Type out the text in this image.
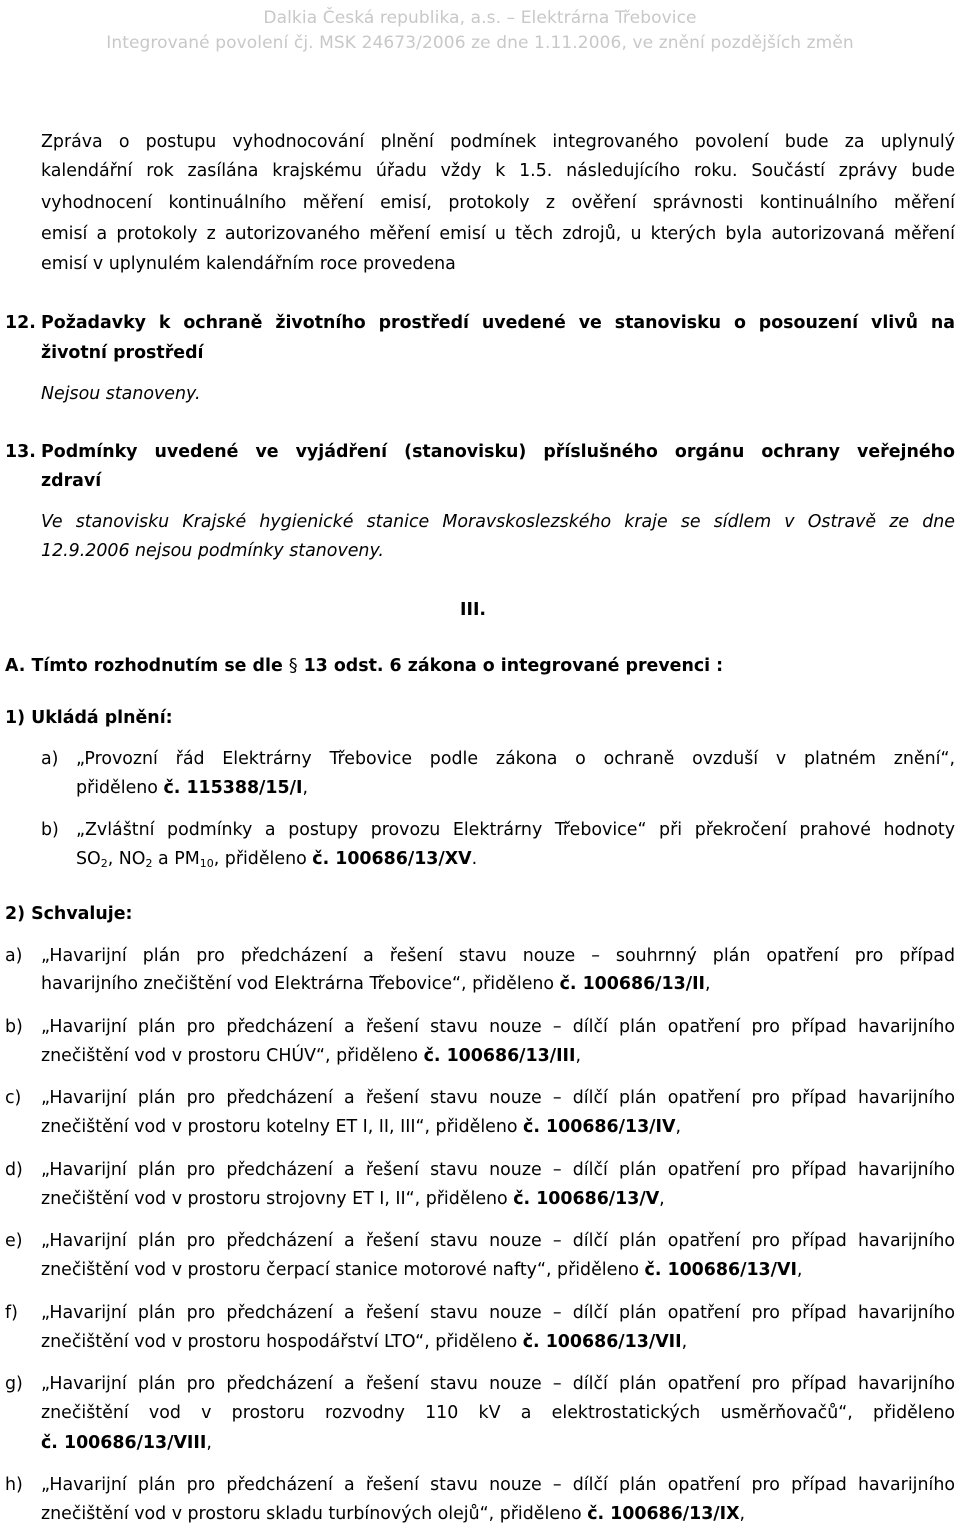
Dalkia Česká republika, a.s. – Elektrárna Třebovice
Integrované povolení čj. MSK 24673/2006 ze dne 1.11.2006, ve znění pozdějších změn
Zpráva o postupu vyhodnocování plnění podmínek integrovaného povolení bude za uplynulý
kalendářní rok zasílána krajskému úřadu vždy k 1.5. následujícího roku. Součástí zprávy bude
vyhodnocení kontinuálního měření emisí, protokoly z ověření správnosti kontinuálního měření
emisí a protokoly z autorizovaného měření emisí u těch zdrojů, u kterých byla autorizovaná měření
emisí v uplynulém kalendářním roce provedena
12. Požadavky k ochraně životního prostředí uvedené ve stanovisku o posouzení vlivů na
životní prostředí
Nejsou stanoveny.
13. Podmínky uvedené ve vyjádření (stanovisku) příslušného orgánu ochrany veřejného
zdraví
Ve stanovisku Krajské hygienické stanice Moravskoslezského kraje se sídlem v Ostravě ze dne
12.9.2006 nejsou podmínky stanoveny.
III.
A. Tímto rozhodnutím se dle § 13 odst. 6 zákona o integrované prevenci :
1) Ukládá plnění:
a) „Provozní řád Elektrárny Třebovice podle zákona o ochraně ovzduší v platném znění“,
přiděleno č. 115388/15/I,
b) „Zvláštní podmínky a postupy provozu Elektrárny Třebovice“ při překročení prahové hodnoty
$SO_2$, $NO_2$ a $PM_{10}$, přiděleno č. 100686/13/XV.
2) Schvaluje:
a) „Havarijní plán pro předcházení a řešení stavu nouze – souhrnný plán opatření pro případ
havarijního znečištění vod Elektrárna Třebovice“, přiděleno č. 100686/13/II,
b) „Havarijní plán pro předcházení a řešení stavu nouze – dílčí plán opatření pro případ havarijního
znečištění vod v prostoru CHÚV“, přiděleno č. 100686/13/III,
c) „Havarijní plán pro předcházení a řešení stavu nouze – dílčí plán opatření pro případ havarijního
znečištění vod v prostoru kotelny ET I, II, III“, přiděleno č. 100686/13/IV,
d) „Havarijní plán pro předcházení a řešení stavu nouze – dílčí plán opatření pro případ havarijního
znečištění vod v prostoru strojovny ET I, II“, přiděleno č. 100686/13/V,
e) „Havarijní plán pro předcházení a řešení stavu nouze – dílčí plán opatření pro případ havarijního
znečištění vod v prostoru čerpací stanice motorové nafty“, přiděleno č. 100686/13/VI,
f) „Havarijní plán pro předcházení a řešení stavu nouze – dílčí plán opatření pro případ havarijního
znečištění vod v prostoru hospodářství LTO“, přiděleno č. 100686/13/VII,
g) „Havarijní plán pro předcházení a řešení stavu nouze – dílčí plán opatření pro případ havarijního
znečištění vod v prostoru rozvodny 110 kV a elektrostatických usměrňovačů“, přiděleno
č. 100686/13/VIII,
h) „Havarijní plán pro předcházení a řešení stavu nouze – dílčí plán opatření pro případ havarijního
znečištění vod v prostoru skladu turbínových olejů“, přiděleno č. 100686/13/IX,
